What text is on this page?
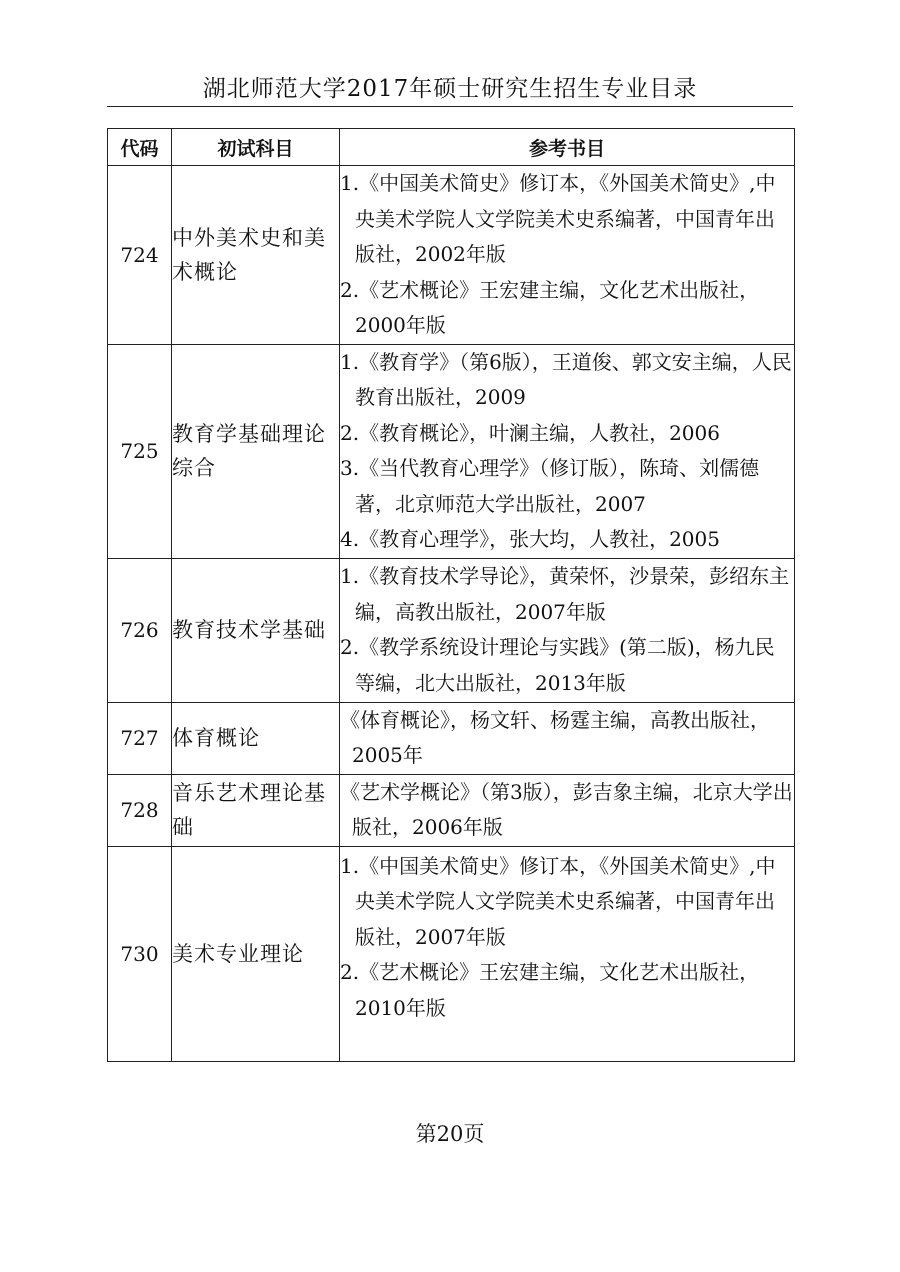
湖北师范大学2017年硕士研究生招生专业目录
代码	初试科目	参考书目
724	中外美术史和美术概论	1.《中国美术简史》修订本，《外国美术简史》,中央美术学院人文学院美术史系编著，中国青年出版社，2002年版

2.《艺术概论》王宏建主编，文化艺术出版社，2000年版

725	教育学基础理论综合	1.《教育学》（第6版），王道俊、郭文安主编，人民教育出版社，2009

2.《教育概论》，叶澜主编，人教社，2006

3.《当代教育心理学》（修订版），陈琦、刘儒德著，北京师范大学出版社，2007

4.《教育心理学》，张大均，人教社，2005

726	教育技术学基础	1.《教育技术学导论》，黄荣怀，沙景荣，彭绍东主编，高教出版社，2007年版

2.《教学系统设计理论与实践》(第二版)，杨九民等编，北大出版社，2013年版

727	体育概论	《体育概论》，杨文轩、杨霆主编，高教出版社， 2005年

728	音乐艺术理论基础	《艺术学概论》（第3版），彭吉象主编，北京大学出版社，2006年版

730	美术专业理论	1.《中国美术简史》修订本，《外国美术简史》,中央美术学院人文学院美术史系编著，中国青年出版社，2007年版

2.《艺术概论》王宏建主编，文化艺术出版社，2010年版

第20页
